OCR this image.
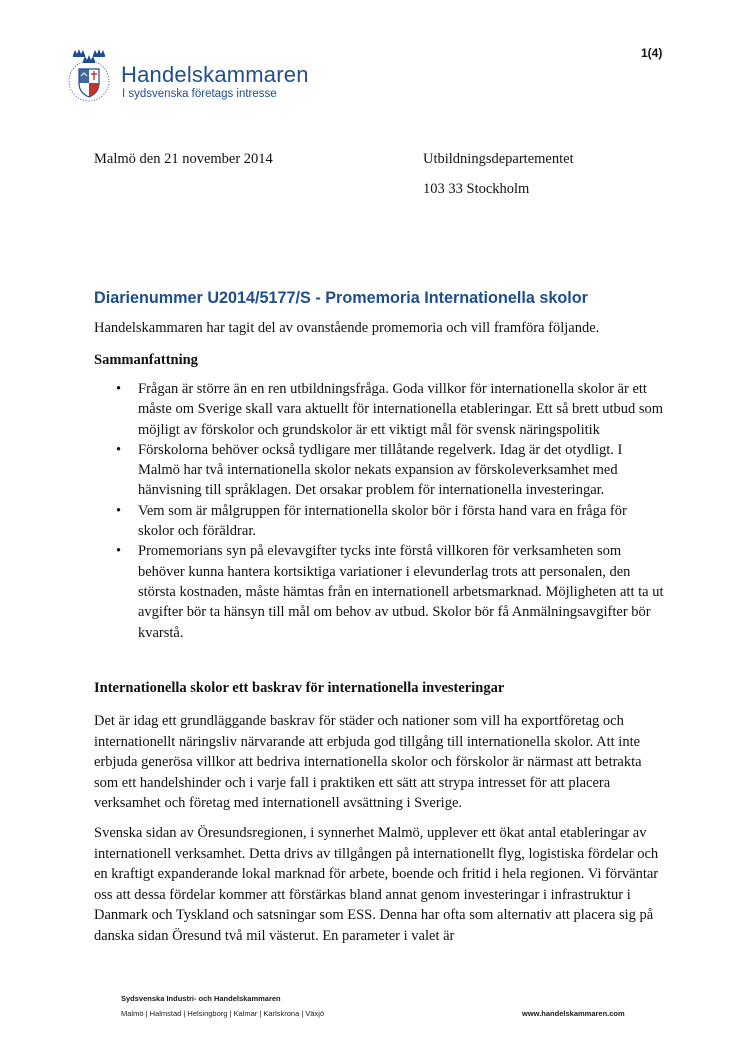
1(4)
Handelskammaren
I sydsvenska företags intresse
Malmö den 21 november 2014	Utbildningsdepartementet
103 33 Stockholm
Diarienummer U2014/5177/S - Promemoria Internationella skolor
Handelskammaren har tagit del av ovanstående promemoria och vill framföra följande.
Sammanfattning
• Frågan är större än en ren utbildningsfråga. Goda villkor för internationella skolor är ett måste om Sverige skall vara aktuellt för internationella etableringar. Ett så brett utbud som möjligt av förskolor och grundskolor är ett viktigt mål för svensk näringspolitik
• Förskolorna behöver också tydligare mer tillåtande regelverk. Idag är det otydligt. I Malmö har två internationella skolor nekats expansion av förskoleverksamhet med hänvisning till språklagen. Det orsakar problem för internationella investeringar.
• Vem som är målgruppen för internationella skolor bör i första hand vara en fråga för skolor och föräldrar.
• Promemorians syn på elevavgifter tycks inte förstå villkoren för verksamheten som behöver kunna hantera kortsiktiga variationer i elevunderlag trots att personalen, den största kostnaden, måste hämtas från en internationell arbetsmarknad. Möjligheten att ta ut avgifter bör ta hänsyn till mål om behov av utbud. Skolor bör få Anmälningsavgifter bör kvarstå.
Internationella skolor ett baskrav för internationella investeringar

Det är idag ett grundläggande baskrav för städer och nationer som vill ha exportföretag och internationellt näringsliv närvarande att erbjuda god tillgång till internationella skolor. Att inte erbjuda generösa villkor att bedriva internationella skolor och förskolor är närmast att betrakta som ett handelshinder och i varje fall i praktiken ett sätt att strypa intresset för att placera verksamhet och företag med internationell avsättning i Sverige.

Svenska sidan av Öresundsregionen, i synnerhet Malmö, upplever ett ökat antal etableringar av internationell verksamhet. Detta drivs av tillgången på internationellt flyg, logistiska fördelar och en kraftigt expanderande lokal marknad för arbete, boende och fritid i hela regionen. Vi förväntar oss att dessa fördelar kommer att förstärkas bland annat genom investeringar i infrastruktur i Danmark och Tyskland och satsningar som ESS. Denna har ofta som alternativ att placera sig på danska sidan Öresund två mil västerut. En parameter i valet är

Sydsvenska Industri- och Handelskammaren
Malmö | Halmstad | Helsingborg | Kalmar | Karlskrona | Växjö	www.handelskammaren.com
